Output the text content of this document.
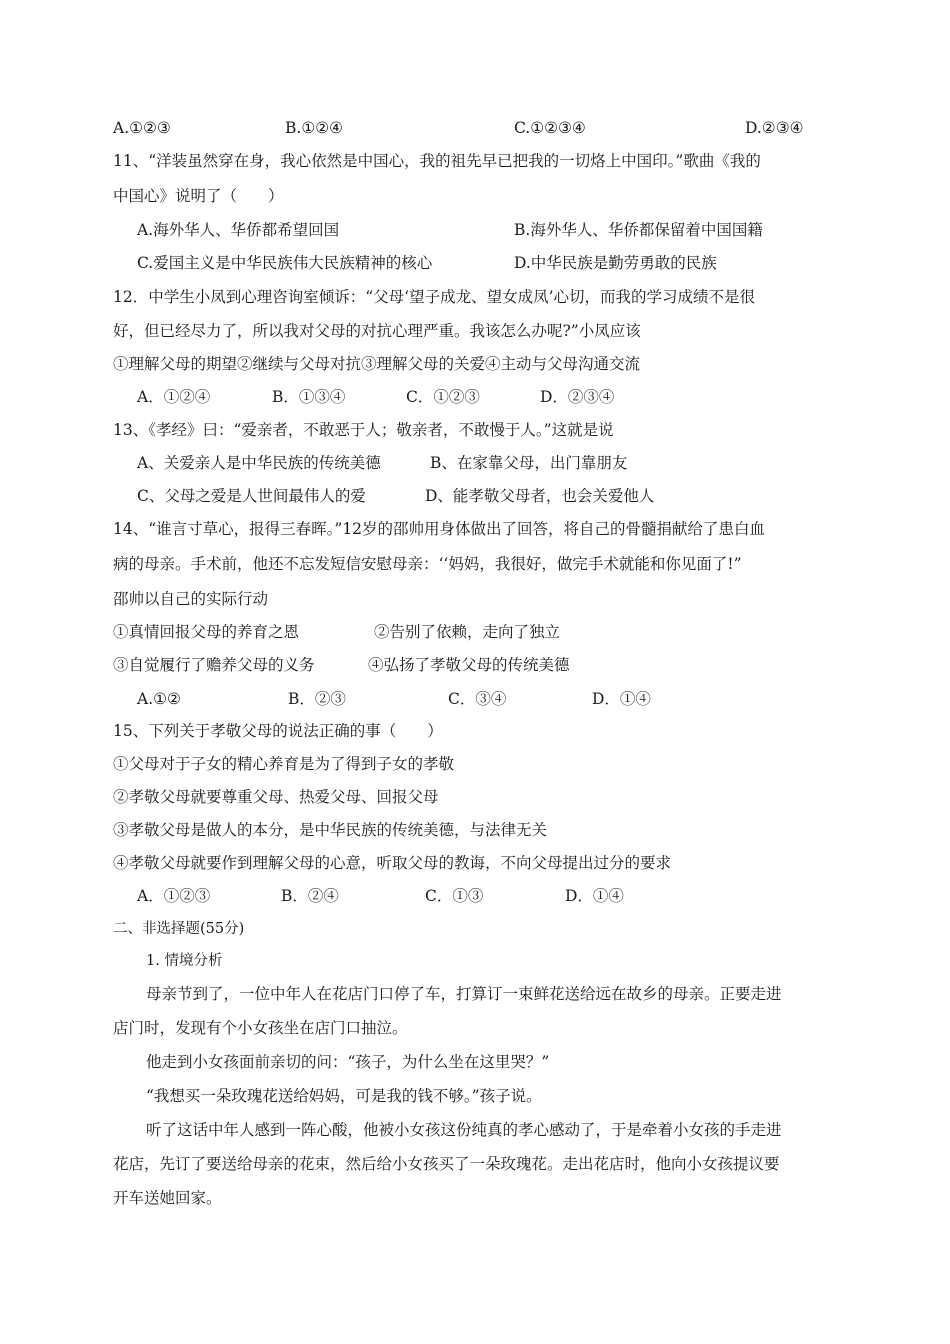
A.①②③	B.①②④	C.①②③④	D.②③④
11、“洋装虽然穿在身，我心依然是中国心，我的祖先早已把我的一切烙上中国印。”歌曲《我的
中国心》说明了（　　）
A.海外华人、华侨都希望回国	B.海外华人、华侨都保留着中国国籍
C.爱国主义是中华民族伟大民族精神的核心	D.中华民族是勤劳勇敢的民族
12．中学生小凤到心理咨询室倾诉：“父母‘望子成龙、望女成凤’心切，而我的学习成绩不是很
好，但已经尽力了，所以我对父母的对抗心理严重。我该怎么办呢?”小凤应该
①理解父母的期望②继续与父母对抗③理解父母的关爱④主动与父母沟通交流
A．①②④	B．①③④	C．①②③	D．②③④
13、《孝经》曰：“爱亲者，不敢恶于人；敬亲者，不敢慢于人。”这就是说
A、关爱亲人是中华民族的传统美德	B、在家靠父母，出门靠朋友
C、父母之爱是人世间最伟人的爱	D、能孝敬父母者，也会关爱他人
14、“谁言寸草心，报得三春晖。”12岁的邵帅用身体做出了回答，将自己的骨髓捐献给了患白血
病的母亲。手术前，他还不忘发短信安慰母亲：‘‘妈妈，我很好，做完手术就能和你见面了!”
邵帅以自己的实际行动
①真情回报父母的养育之恩	②告别了依赖，走向了独立
③自觉履行了赡养父母的义务	④弘扬了孝敬父母的传统美德
A.①②	B．②③	C．③④	D．①④
15、下列关于孝敬父母的说法正确的事（　　）
①父母对于子女的精心养育是为了得到子女的孝敬
②孝敬父母就要尊重父母、热爱父母、回报父母
③孝敬父母是做人的本分，是中华民族的传统美德，与法律无关
④孝敬父母就要作到理解父母的心意，听取父母的教诲，不向父母提出过分的要求
A．①②③	B．②④	C．①③	D．①④
二、非选择题(55分)
1. 情境分析
母亲节到了，一位中年人在花店门口停了车，打算订一束鲜花送给远在故乡的母亲。正要走进
店门时，发现有个小女孩坐在店门口抽泣。
他走到小女孩面前亲切的问：“孩子，为什么坐在这里哭？”
“我想买一朵玫瑰花送给妈妈，可是我的钱不够。”孩子说。
听了这话中年人感到一阵心酸，他被小女孩这份纯真的孝心感动了，于是牵着小女孩的手走进
花店，先订了要送给母亲的花束，然后给小女孩买了一朵玫瑰花。走出花店时，他向小女孩提议要
开车送她回家。
